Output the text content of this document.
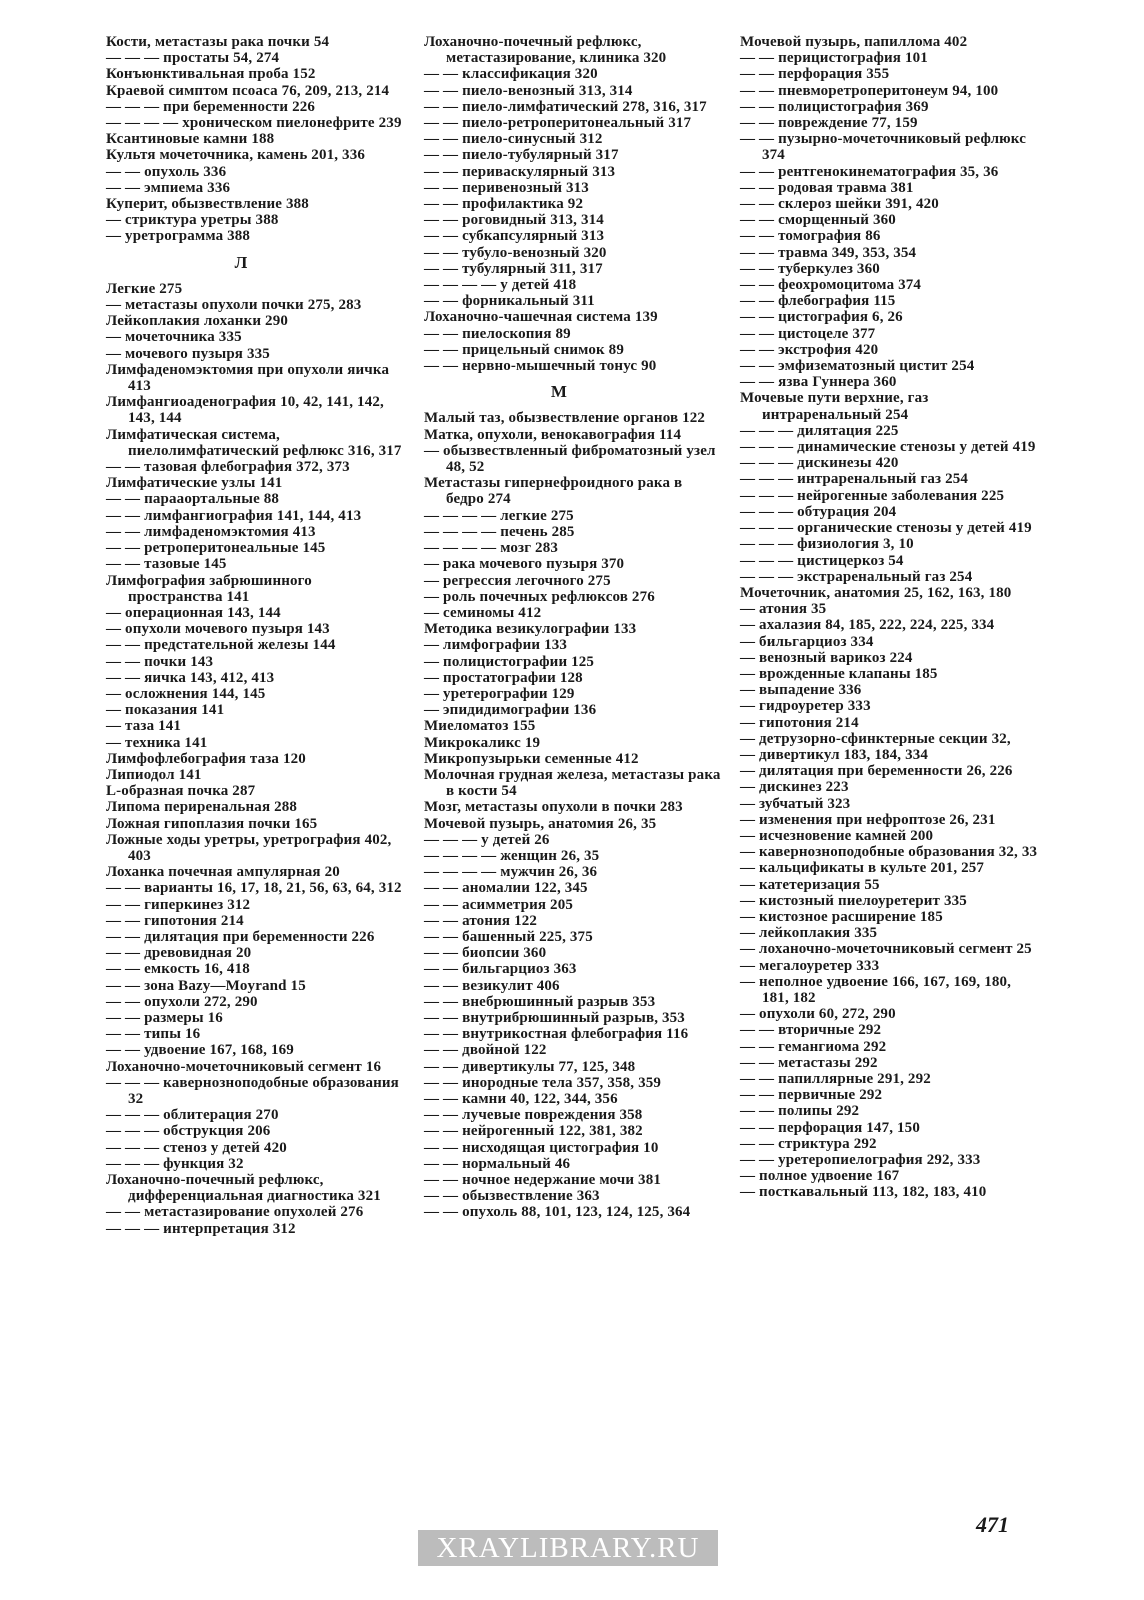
Кости, метастазы рака почки 54
— — — простаты 54, 274
Конъюнктивальная проба 152
Краевой симптом псоаса 76, 209, 213, 214
— — — при беременности 226
— — — — хроническом пиелонефрите 239
Ксантиновые камни 188
Культя мочеточника, камень 201, 336
— — опухоль 336
— — эмпиема 336
Куперит, обызвествление 388
— стриктура уретры 388
— уретрограмма 388
Л
Легкие 275
— метастазы опухоли почки 275, 283
Лейкоплакия лоханки 290
— мочеточника 335
— мочевого пузыря 335
Лимфаденомэктомия при опухоли яичка 413
Лимфангиоаденография 10, 42, 141, 142, 143, 144
Лимфатическая система, пиелолимфатический рефлюкс 316, 317
— — тазовая флебография 372, 373
Лимфатические узлы 141
— — парааортальные 88
— — лимфангиография 141, 144, 413
— — лимфаденомэктомия 413
— — ретроперитонеальные 145
— — тазовые 145
Лимфография забрюшинного пространства 141
— операционная 143, 144
— опухоли мочевого пузыря 143
— — предстательной железы 144
— — почки 143
— — яичка 143, 412, 413
— осложнения 144, 145
— показания 141
— таза 141
— техника 141
Лимфофлебография таза 120
Липиодол 141
L-образная почка 287
Липома периренальная 288
Ложная гипоплазия почки 165
Ложные ходы уретры, уретрография 402, 403
Лоханка почечная ампулярная 20
— — варианты 16, 17, 18, 21, 56, 63, 64, 312
— — гиперкинез 312
— — гипотония 214
— — дилятация при беременности 226
— — древовидная 20
— — емкость 16, 418
— — зона Bazy—Moyrand 15
— — опухоли 272, 290
— — размеры 16
— — типы 16
— — удвоение 167, 168, 169
Лоханочно-мочеточниковый сегмент 16
— — — кавернозноподобные образования 32
— — — облитерация 270
— — — обструкция 206
— — — стеноз у детей 420
— — — функция 32
Лоханочно-почечный рефлюкс, дифференциальная диагностика 321
— — метастазирование опухолей 276
— — — интерпретация 312
Лоханочно-почечный рефлюкс, метастазирование, клиника 320
— — классификация 320
— — пиело-венозный 313, 314
— — пиело-лимфатический 278, 316, 317
— — пиело-ретроперитонеальный 317
— — пиело-синусный 312
— — пиело-тубулярный 317
— — периваскулярный 313
— — перивенозный 313
— — профилактика 92
— — роговидный 313, 314
— — субкапсулярный 313
— — тубуло-венозный 320
— — тубулярный 311, 317
— — — — у детей 418
— — форникальный 311
Лоханочно-чашечная система 139
— — пиелоскопия 89
— — прицельный снимок 89
— — нервно-мышечный тонус 90
М
Малый таз, обызвествление органов 122
Матка, опухоли, венокавография 114
— обызвествленный фиброматозный узел 48, 52
Метастазы гипернефроидного рака в бедро 274
— — — — легкие 275
— — — — печень 285
— — — — мозг 283
— рака мочевого пузыря 370
— регрессия легочного 275
— роль почечных рефлюксов 276
— семиномы 412
Методика везикулографии 133
— лимфографии 133
— полицистографии 125
— простатографии 128
— уретерографии 129
— эпидидимографии 136
Миеломатоз 155
Микрокаликс 19
Микропузырьки семенные 412
Молочная грудная железа, метастазы рака в кости 54
Мозг, метастазы опухоли в почки 283
Мочевой пузырь, анатомия 26, 35
— — — у детей 26
— — — — женщин 26, 35
— — — — мужчин 26, 36
— — аномалии 122, 345
— — асимметрия 205
— — атония 122
— — башенный 225, 375
— — биопсии 360
— — бильгарциоз 363
— — везикулит 406
— — внебрюшинный разрыв 353
— — внутрибрюшинный разрыв, 353
— — внутрикостная флебография 116
— — двойной 122
— — дивертикулы 77, 125, 348
— — инородные тела 357, 358, 359
— — камни 40, 122, 344, 356
— — лучевые повреждения 358
— — нейрогенный 122, 381, 382
— — нисходящая цистография 10
— — нормальный 46
— — ночное недержание мочи 381
— — обызвествление 363
— — опухоль 88, 101, 123, 124, 125, 364
Мочевой пузырь, папиллома 402
— — перицистография 101
— — перфорация 355
— — пневморетроперитонеум 94, 100
— — полицистография 369
— — повреждение 77, 159
— — пузырно-мочеточниковый рефлюкс 374
— — рентгенокинематография 35, 36
— — родовая травма 381
— — склероз шейки 391, 420
— — сморщенный 360
— — томография 86
— — травма 349, 353, 354
— — туберкулез 360
— — феохромоцитома 374
— — флебография 115
— — цистография 6, 26
— — цистоцеле 377
— — экстрофия 420
— — эмфизематозный цистит 254
— — язва Гуннера 360
Мочевые пути верхние, газ интраренальный 254
— — — дилятация 225
— — — динамические стенозы у детей 419
— — — дискинезы 420
— — — интраренальный газ 254
— — — нейрогенные заболевания 225
— — — обтурация 204
— — — органические стенозы у детей 419
— — — физиология 3, 10
— — — цистицеркоз 54
— — — экстраренальный газ 254
Мочеточник, анатомия 25, 162, 163, 180
— атония 35
— ахалазия 84, 185, 222, 224, 225, 334
— бильгарциоз 334
— венозный варикоз 224
— врожденные клапаны 185
— выпадение 336
— гидроуретер 333
— гипотония 214
— детрузорно-сфинктерные секции 32,
— дивертикул 183, 184, 334
— дилятация при беременности 26, 226
— дискинез 223
— зубчатый 323
— изменения при нефроптозе 26, 231
— исчезновение камней 200
— кавернозноподобные образования 32, 33
— кальцификаты в культе 201, 257
— катетеризация 55
— кистозный пиелоуретерит 335
— кистозное расширение 185
— лейкоплакия 335
— лоханочно-мочеточниковый сегмент 25
— мегалоуретер 333
— неполное удвоение 166, 167, 169, 180, 181, 182
— опухоли 60, 272, 290
— — вторичные 292
— — гемангиома 292
— — метастазы 292
— — папиллярные 291, 292
— — первичные 292
— — полипы 292
— — перфорация 147, 150
— — стриктура 292
— — уретеропиелография 292, 333
— полное удвоение 167
— посткавальный 113, 182, 183, 410
471
XRAYLIBRARY.RU
